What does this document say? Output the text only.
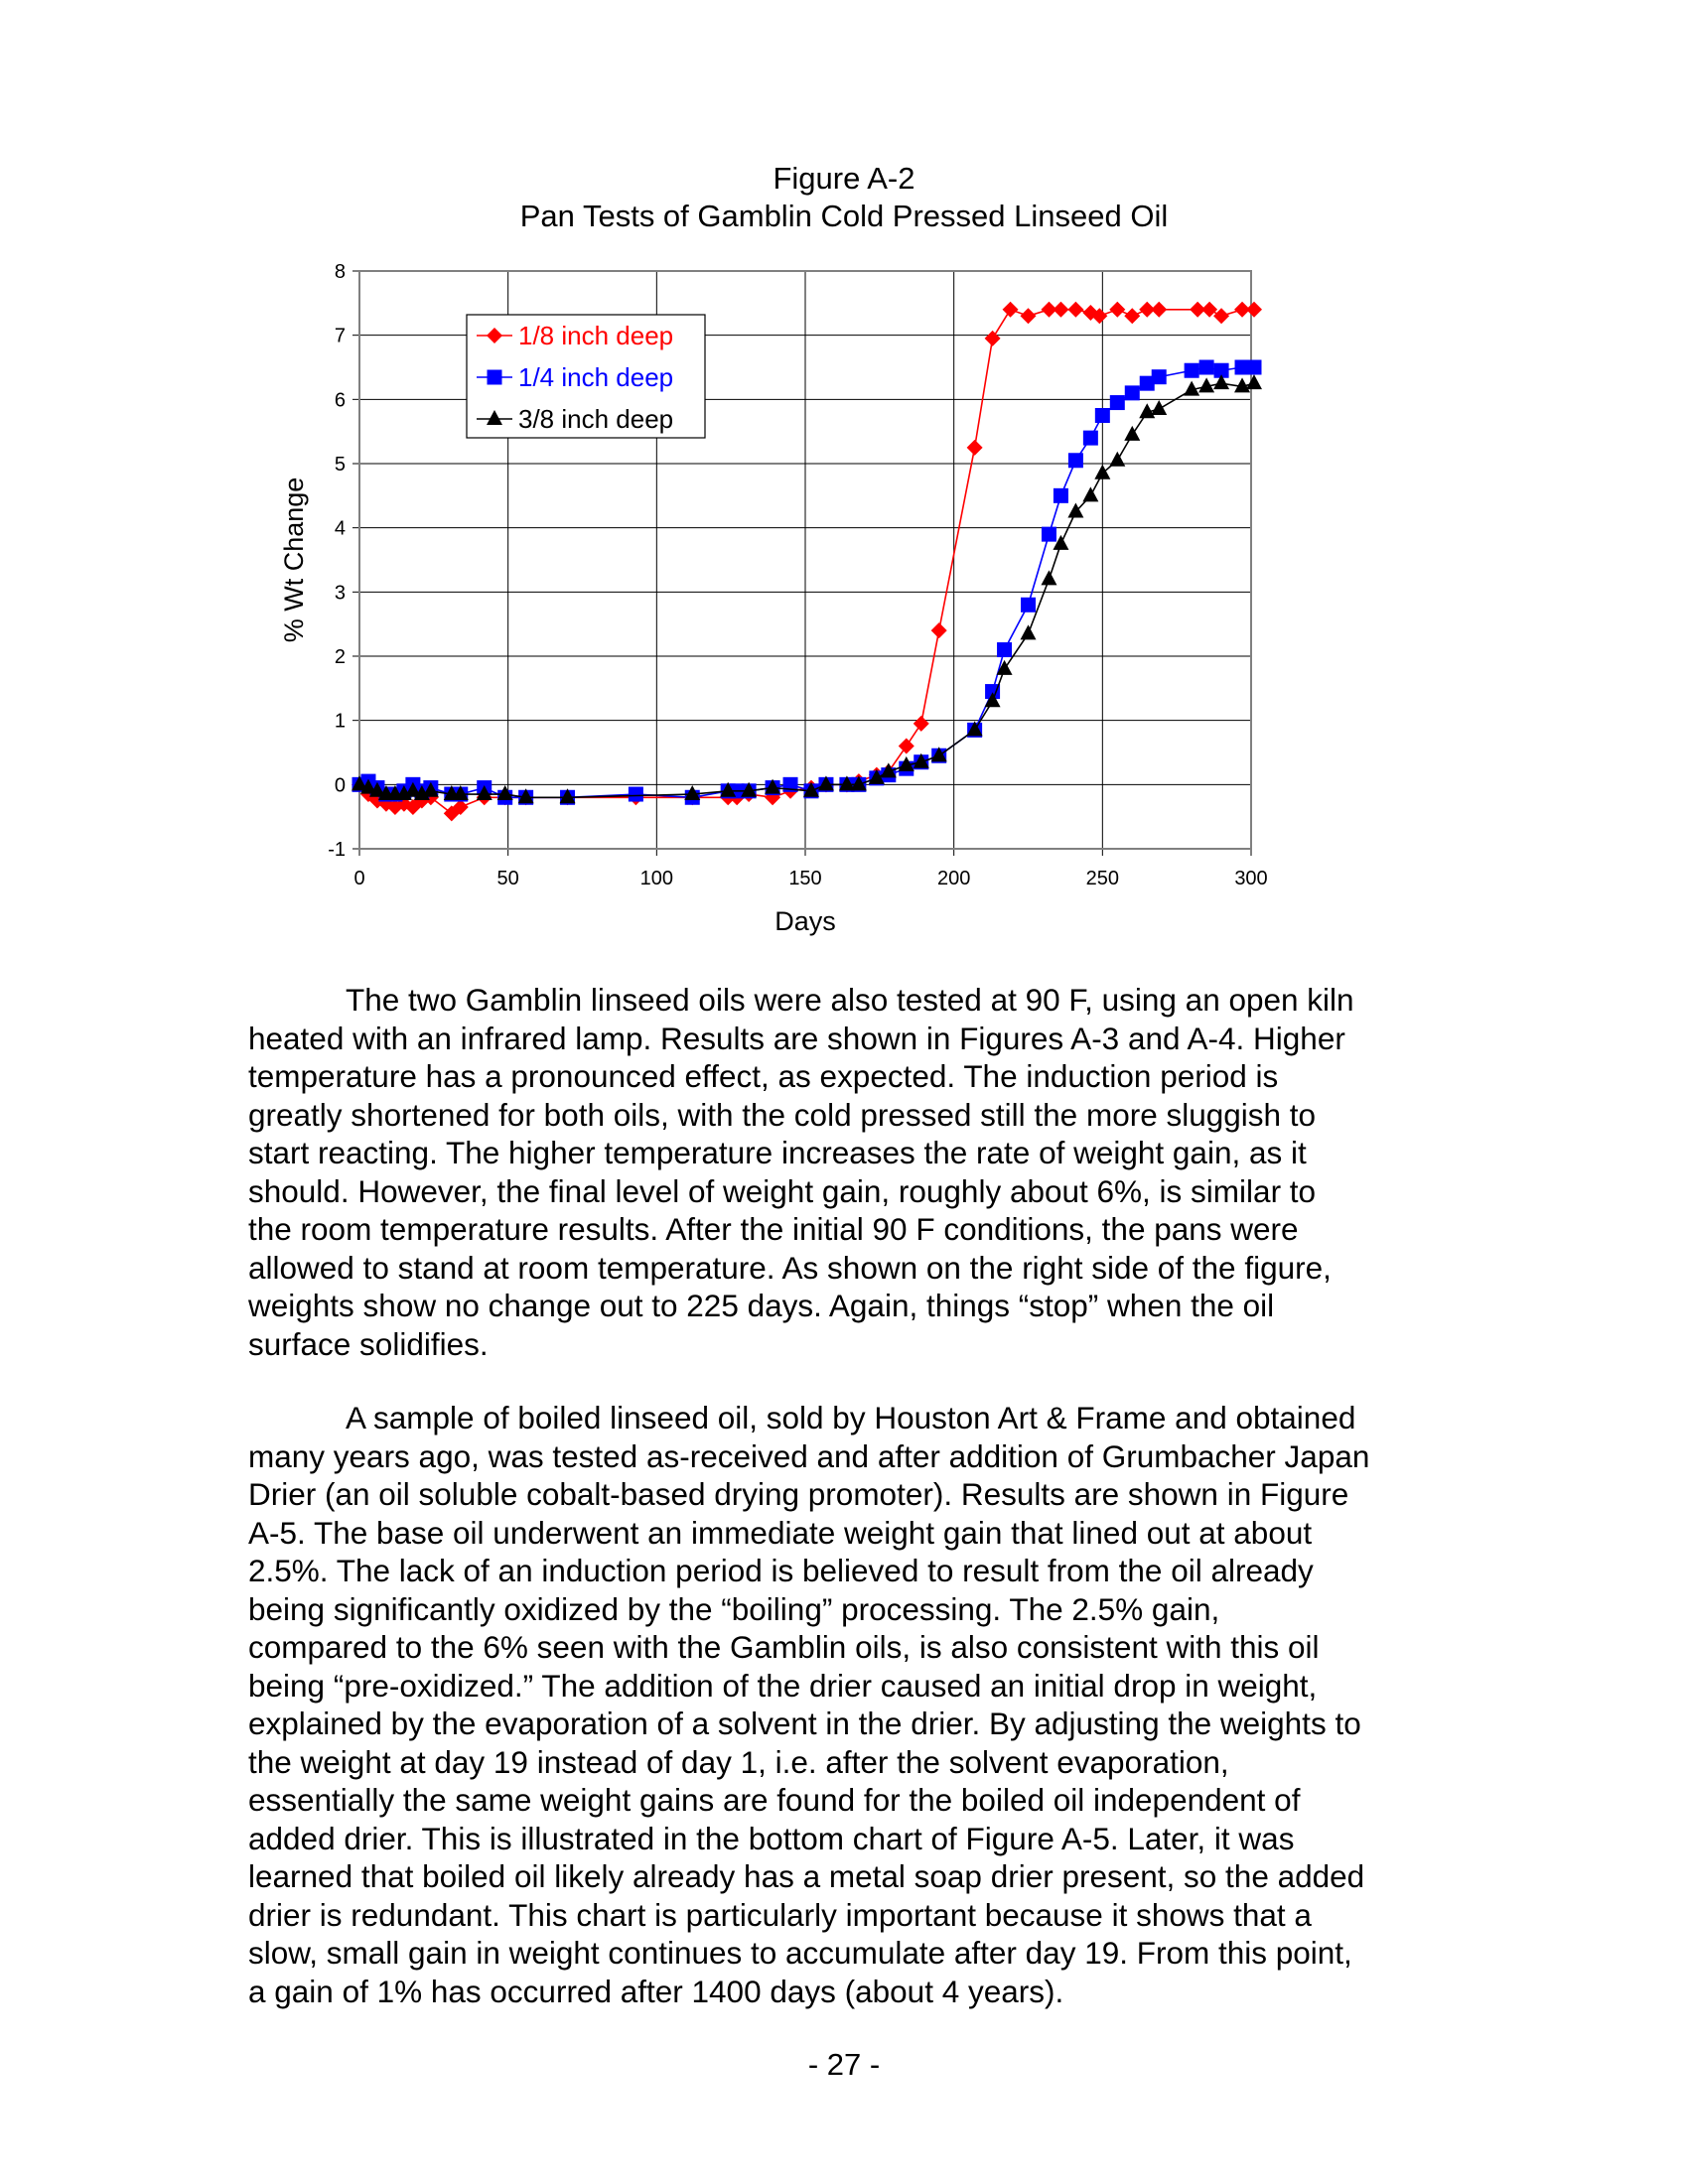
Figure A-2
Pan Tests of Gamblin Cold Pressed Linseed Oil
0	50	100	150	200	250	300
-1
0
1
2
3
4
5
6
7
8
Days
% Wt Change
1/8 inch deep
1/4 inch deep
3/8 inch deep

The two Gamblin linseed oils were also tested at 90 F, using an open kiln
heated with an infrared lamp. Results are shown in Figures A-3 and A-4. Higher
temperature has a pronounced effect, as expected. The induction period is
greatly shortened for both oils, with the cold pressed still the more sluggish to
start reacting. The higher temperature increases the rate of weight gain, as it
should. However, the final level of weight gain, roughly about 6%, is similar to
the room temperature results. After the initial 90 F conditions, the pans were
allowed to stand at room temperature. As shown on the right side of the figure,
weights show no change out to 225 days. Again, things “stop” when the oil
surface solidifies.

A sample of boiled linseed oil, sold by Houston Art & Frame and obtained
many years ago, was tested as-received and after addition of Grumbacher Japan
Drier (an oil soluble cobalt-based drying promoter). Results are shown in Figure
A-5. The base oil underwent an immediate weight gain that lined out at about
2.5%. The lack of an induction period is believed to result from the oil already
being significantly oxidized by the “boiling” processing. The 2.5% gain,
compared to the 6% seen with the Gamblin oils, is also consistent with this oil
being “pre-oxidized.” The addition of the drier caused an initial drop in weight,
explained by the evaporation of a solvent in the drier. By adjusting the weights to
the weight at day 19 instead of day 1, i.e. after the solvent evaporation,
essentially the same weight gains are found for the boiled oil independent of
added drier. This is illustrated in the bottom chart of Figure A-5. Later, it was
learned that boiled oil likely already has a metal soap drier present, so the added
drier is redundant. This chart is particularly important because it shows that a
slow, small gain in weight continues to accumulate after day 19. From this point,
a gain of 1% has occurred after 1400 days (about 4 years).

- 27 -
